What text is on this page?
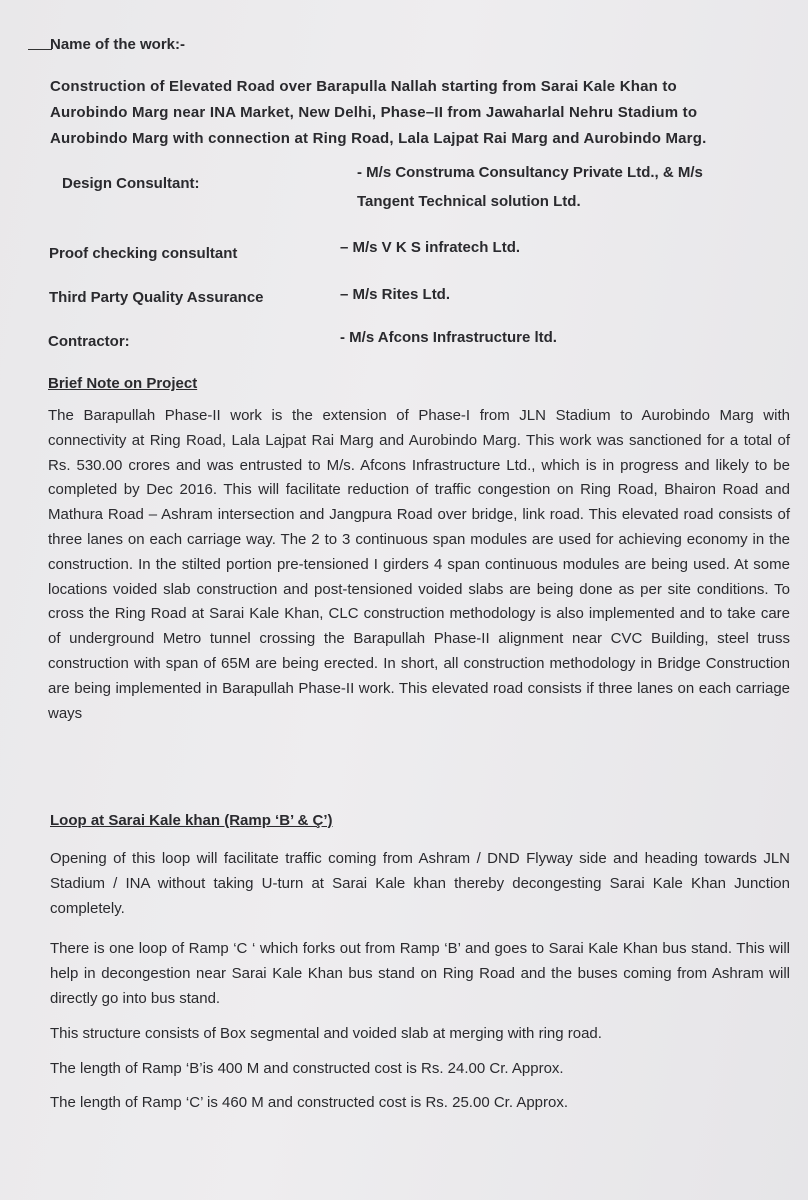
Name of the work:-
Construction of Elevated Road over Barapulla Nallah starting from Sarai Kale Khan to
Aurobindo Marg near INA Market, New Delhi, Phase–II from Jawaharlal Nehru Stadium to
Aurobindo Marg with connection at Ring Road, Lala Lajpat Rai Marg and Aurobindo Marg.
Design Consultant:
- M/s Construma Consultancy Private Ltd., & M/s
Tangent Technical solution Ltd.
Proof checking consultant	– M/s V K S infratech Ltd.
Third Party Quality Assurance	– M/s Rites Ltd.
Contractor:	- M/s Afcons Infrastructure ltd.
Brief Note on Project
The Barapullah Phase-II work is the extension of Phase-I from JLN Stadium to Aurobindo Marg with connectivity at Ring Road, Lala Lajpat Rai Marg and Aurobindo Marg. This work was sanctioned for a total of Rs. 530.00 crores and was entrusted to M/s. Afcons Infrastructure Ltd., which is in progress and likely to be completed by Dec 2016. This will facilitate reduction of traffic congestion on Ring Road, Bhairon Road and Mathura Road – Ashram intersection and Jangpura Road over bridge, link road. This elevated road consists of three lanes on each carriage way. The 2 to 3 continuous span modules are used for achieving economy in the construction. In the stilted portion pre-tensioned I girders 4 span continuous modules are being used. At some locations voided slab construction and post-tensioned voided slabs are being done as per site conditions. To cross the Ring Road at Sarai Kale Khan, CLC construction methodology is also implemented and to take care of underground Metro tunnel crossing the Barapullah Phase-II alignment near CVC Building, steel truss construction with span of 65M are being erected. In short, all construction methodology in Bridge Construction are being implemented in Barapullah Phase-II work. This elevated road consists if three lanes on each carriage ways
Loop at Sarai Kale khan (Ramp ‘B’ & Ç’)
Opening of this loop will facilitate traffic coming from Ashram / DND Flyway side and heading towards JLN Stadium / INA without taking U-turn at Sarai Kale khan thereby decongesting Sarai Kale Khan Junction completely.
There is one loop of Ramp ‘C ‘ which forks out from Ramp ‘B’ and goes to Sarai Kale Khan bus stand. This will help in decongestion near Sarai Kale Khan bus stand on Ring Road and the buses coming from Ashram will directly go into bus stand.
This structure consists of Box segmental and voided slab at merging with ring road.
The length of Ramp ‘B’is 400 M and constructed cost is Rs. 24.00 Cr. Approx.
The length of Ramp ‘C’ is 460 M and constructed cost is Rs. 25.00 Cr. Approx.
